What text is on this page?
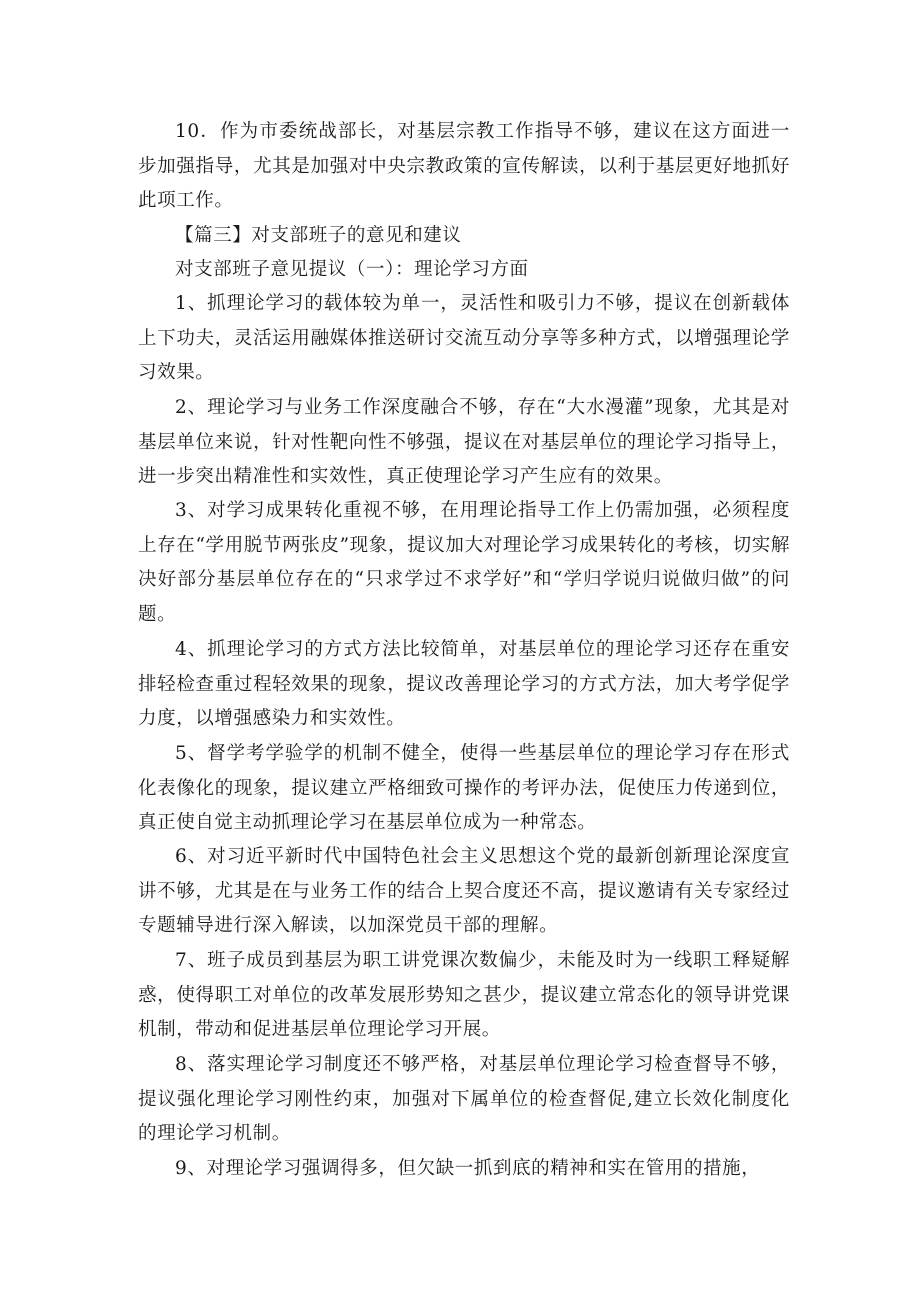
10．作为市委统战部长，对基层宗教工作指导不够，建议在这方面进一步加强指导，尤其是加强对中央宗教政策的宣传解读，以利于基层更好地抓好此项工作。
【篇三】对支部班子的意见和建议
对支部班子意见提议（一）：理论学习方面
1、抓理论学习的载体较为单一，灵活性和吸引力不够，提议在创新载体上下功夫，灵活运用融媒体推送研讨交流互动分享等多种方式，以增强理论学习效果。
2、理论学习与业务工作深度融合不够，存在“大水漫灌”现象，尤其是对基层单位来说，针对性靶向性不够强，提议在对基层单位的理论学习指导上，进一步突出精准性和实效性，真正使理论学习产生应有的效果。
3、对学习成果转化重视不够，在用理论指导工作上仍需加强，必须程度上存在“学用脱节两张皮”现象，提议加大对理论学习成果转化的考核，切实解决好部分基层单位存在的“只求学过不求学好”和“学归学说归说做归做”的问题。
4、抓理论学习的方式方法比较简单，对基层单位的理论学习还存在重安排轻检查重过程轻效果的现象，提议改善理论学习的方式方法，加大考学促学力度，以增强感染力和实效性。
5、督学考学验学的机制不健全，使得一些基层单位的理论学习存在形式化表像化的现象，提议建立严格细致可操作的考评办法，促使压力传递到位，真正使自觉主动抓理论学习在基层单位成为一种常态。
6、对习近平新时代中国特色社会主义思想这个党的最新创新理论深度宣讲不够，尤其是在与业务工作的结合上契合度还不高，提议邀请有关专家经过专题辅导进行深入解读，以加深党员干部的理解。
7、班子成员到基层为职工讲党课次数偏少，未能及时为一线职工释疑解惑，使得职工对单位的改革发展形势知之甚少，提议建立常态化的领导讲党课机制，带动和促进基层单位理论学习开展。
8、落实理论学习制度还不够严格，对基层单位理论学习检查督导不够，提议强化理论学习刚性约束，加强对下属单位的检查督促,建立长效化制度化的理论学习机制。
9、对理论学习强调得多，但欠缺一抓到底的精神和实在管用的措施，
